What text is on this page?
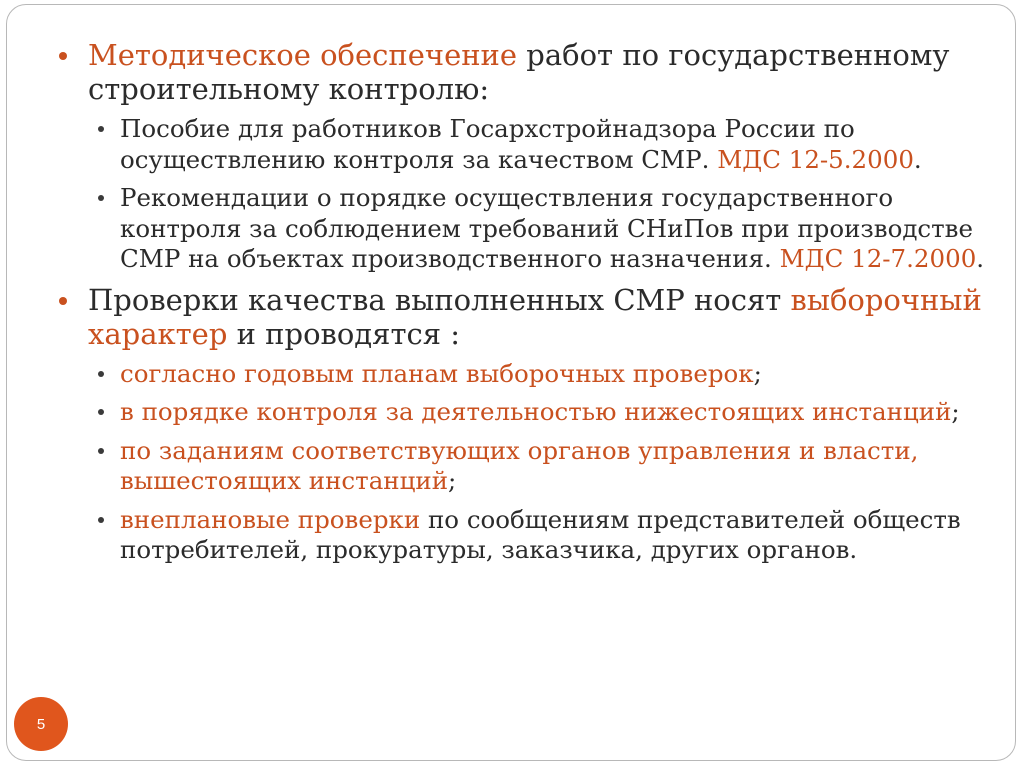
Методическое обеспечение работ по государственному строительному контролю:
Пособие для работников Госархстройнадзора России по осуществлению контроля за качеством СМР. МДС 12-5.2000.
Рекомендации о порядке осуществления государственного контроля за соблюдением требований СНиПов при производстве СМР на объектах производственного назначения. МДС 12-7.2000.
Проверки качества выполненных СМР носят выборочный характер и проводятся :
согласно годовым планам выборочных проверок;
в порядке контроля за деятельностью нижестоящих инстанций;
по заданиям соответствующих органов управления и власти, вышестоящих инстанций;
внеплановые проверки по сообщениям представителей обществ потребителей, прокуратуры, заказчика, других органов.
5
